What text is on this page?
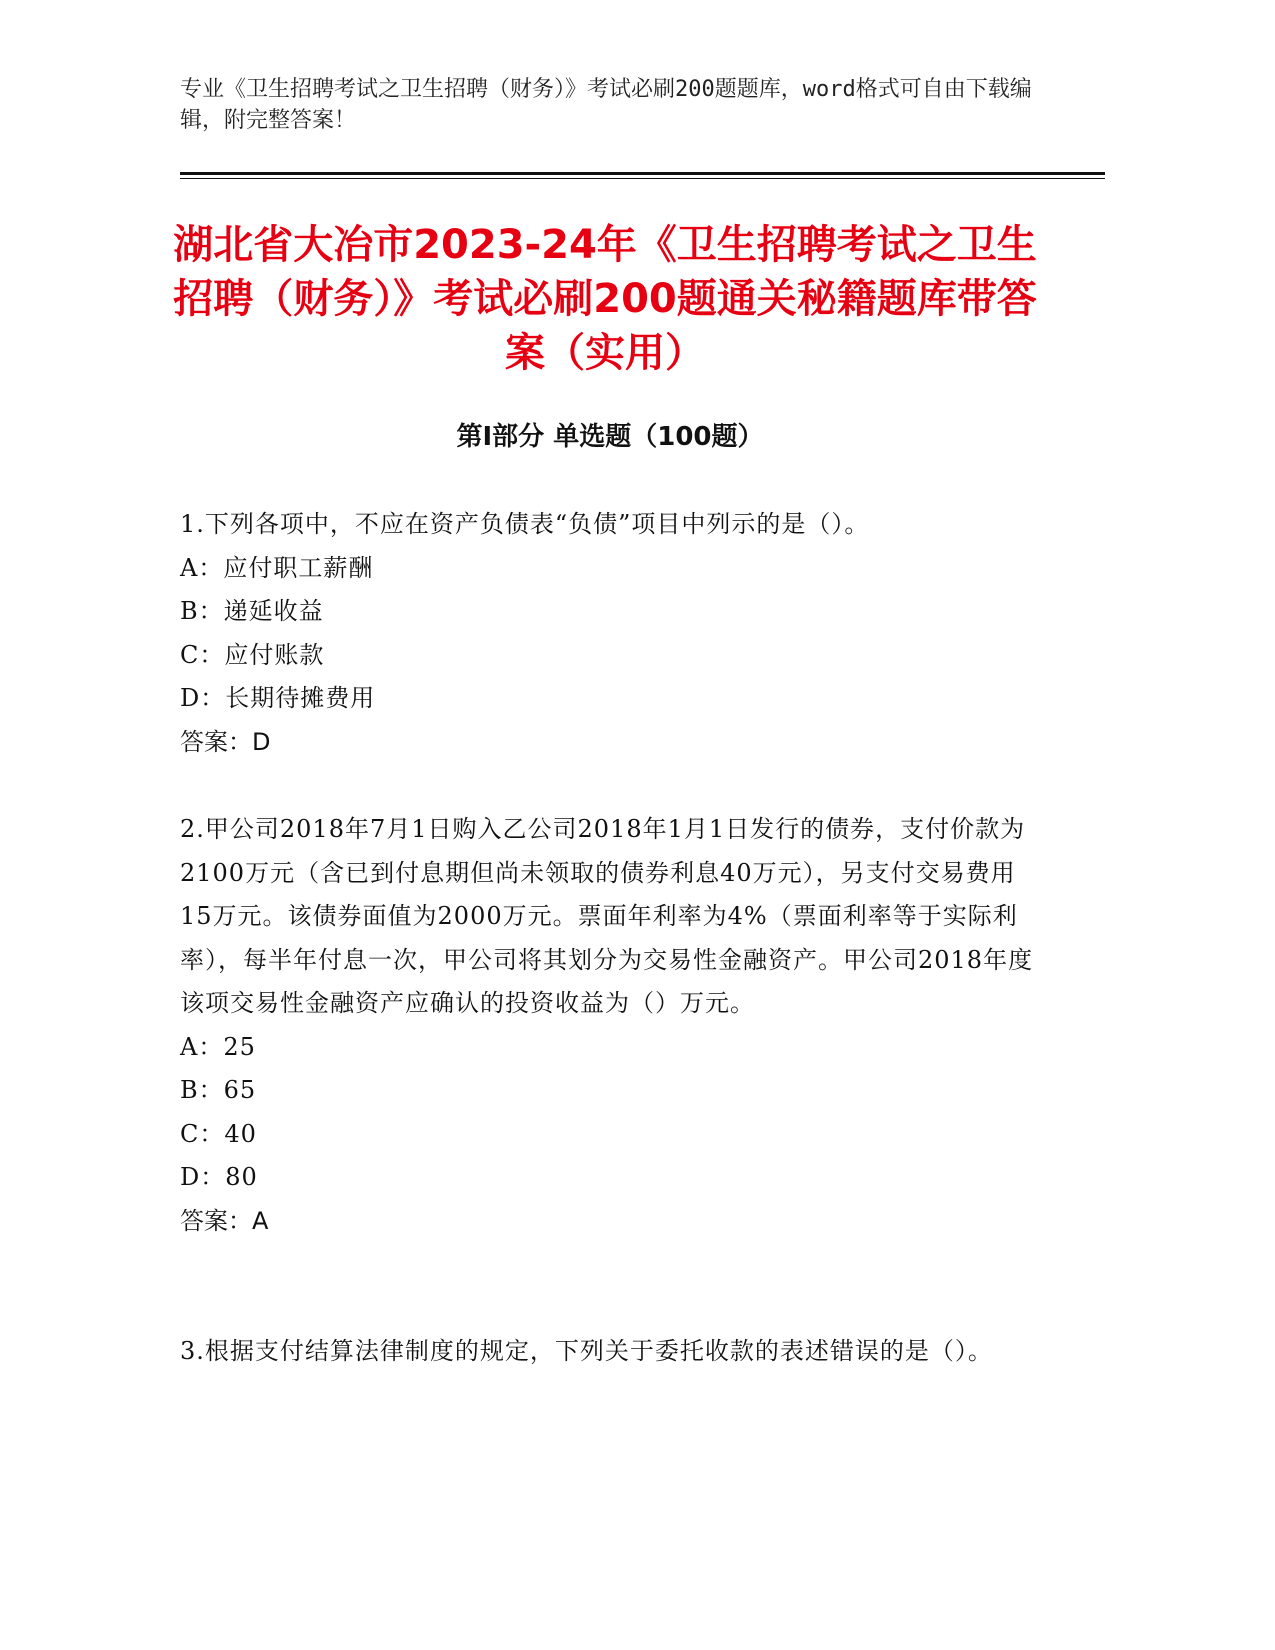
专业《卫生招聘考试之卫生招聘（财务）》考试必刷200题题库，word格式可自由下载编辑，附完整答案！
湖北省大冶市2023-24年《卫生招聘考试之卫生招聘（财务）》考试必刷200题通关秘籍题库带答案（实用）
第Ⅰ部分 单选题（100题）

1.下列各项中，不应在资产负债表“负债”项目中列示的是（）。

A：应付职工薪酬

B：递延收益

C：应付账款

D：长期待摊费用

答案：D

2.甲公司2018年7月1日购入乙公司2018年1月1日发行的债券，支付价款为2100万元（含已到付息期但尚未领取的债券利息40万元），另支付交易费用15万元。该债券面值为2000万元。票面年利率为4%（票面利率等于实际利率），每半年付息一次，甲公司将其划分为交易性金融资产。甲公司2018年度该项交易性金融资产应确认的投资收益为（）万元。

A：25

B：65

C：40

D：80

答案：A

3.根据支付结算法律制度的规定，下列关于委托收款的表述错误的是（）。
